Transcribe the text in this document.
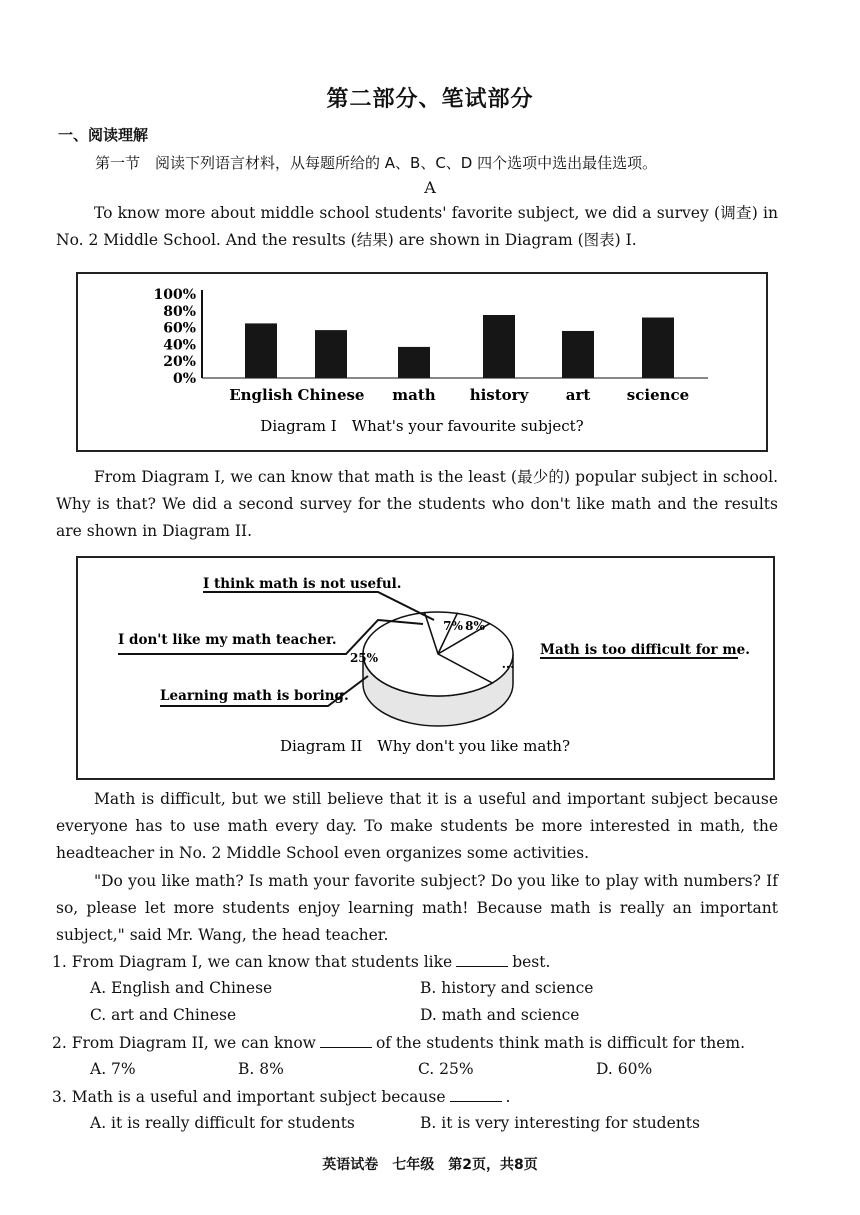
第二部分、笔试部分
一、阅读理解
第一节　阅读下列语言材料，从每题所给的 A、B、C、D 四个选项中选出最佳选项。
A
To know more about middle school students' favorite subject, we did a survey (调查) in No. 2 Middle School. And the results (结果) are shown in Diagram (图表) I.
100%
80%
60%
40%
20%
0%
English Chinese math history art science
Diagram I　What's your favourite subject?
From Diagram I, we can know that math is the least (最少的) popular subject in school. Why is that? We did a second survey for the students who don't like math and the results are shown in Diagram II.
7% 8%
25%	...
I think math is not useful.
I don't like my math teacher.
Learning math is boring.
Math is too difficult for me.
Diagram II　Why don't you like math?
Math is difficult, but we still believe that it is a useful and important subject because everyone has to use math every day. To make students be more interested in math, the headteacher in No. 2 Middle School even organizes some activities.
"Do you like math? Is math your favorite subject? Do you like to play with numbers? If so, please let more students enjoy learning math! Because math is really an important subject," said Mr. Wang, the head teacher.
1. From Diagram I, we can know that students like	best.
A. English and Chinese	B. history and science
C. art and Chinese	D. math and science
2. From Diagram II, we can know	of the students think math is difficult for them.
A. 7%	B. 8%	C. 25%	D. 60%
3. Math is a useful and important subject because	.
A. it is really difficult for students	B. it is very interesting for students
英语试卷　七年级　第2页，共8页
